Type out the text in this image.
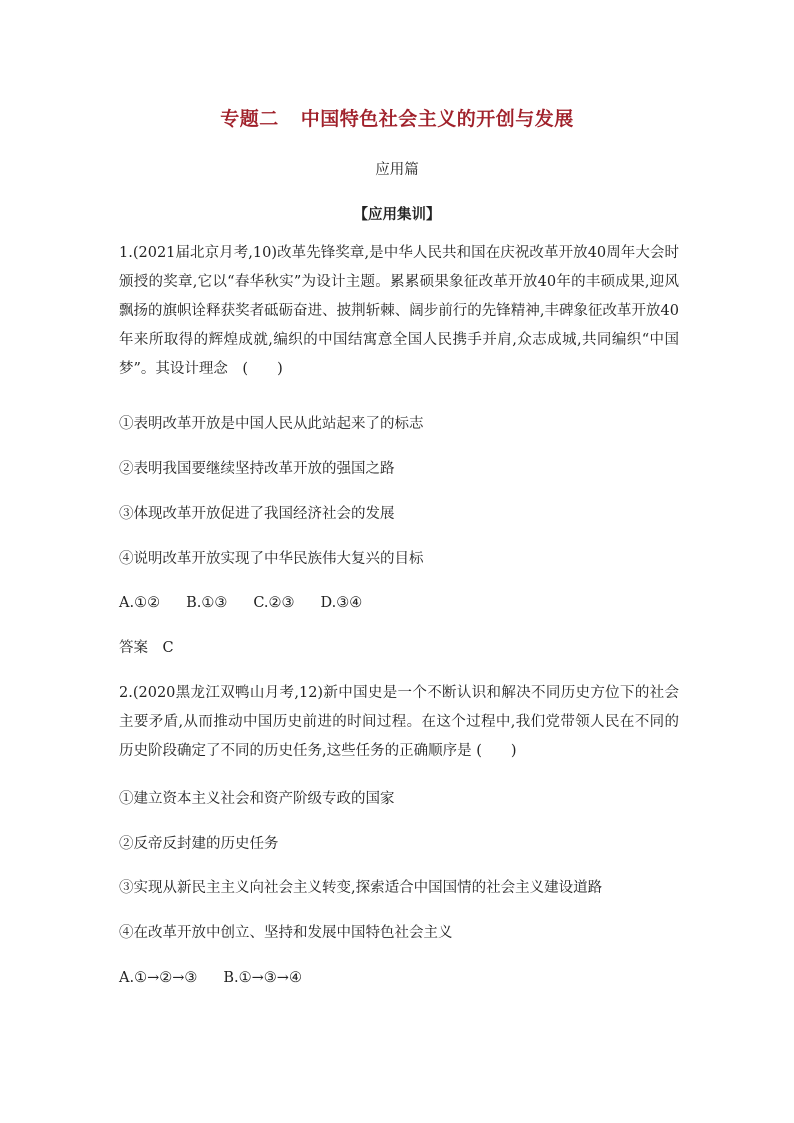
专题二 中国特色社会主义的开创与发展
应用篇
【应用集训】
1.(2021届北京月考,10)改革先锋奖章,是中华人民共和国在庆祝改革开放40周年大会时颁授的奖章,它以“春华秋实”为设计主题。累累硕果象征改革开放40年的丰硕成果,迎风飘扬的旗帜诠释获奖者砥砺奋进、披荆斩棘、阔步前行的先锋精神,丰碑象征改革开放40年来所取得的辉煌成就,编织的中国结寓意全国人民携手并肩,众志成城,共同编织“中国梦”。其设计理念　(　　)
①表明改革开放是中国人民从此站起来了的标志
②表明我国要继续坚持改革开放的强国之路
③体现改革开放促进了我国经济社会的发展
④说明改革开放实现了中华民族伟大复兴的目标
A.①② B.①③ C.②③ D.③④
答案　C
2.(2020黑龙江双鸭山月考,12)新中国史是一个不断认识和解决不同历史方位下的社会主要矛盾,从而推动中国历史前进的时间过程。在这个过程中,我们党带领人民在不同的历史阶段确定了不同的历史任务,这些任务的正确顺序是 (　　)
①建立资本主义社会和资产阶级专政的国家
②反帝反封建的历史任务
③实现从新民主主义向社会主义转变,探索适合中国国情的社会主义建设道路
④在改革开放中创立、坚持和发展中国特色社会主义
A.①→②→③ B.①→③→④
